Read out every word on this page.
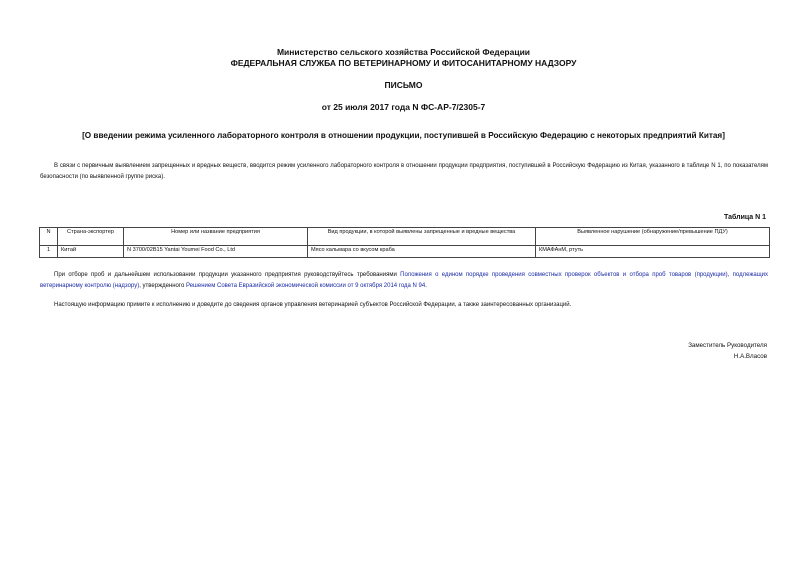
Министерство сельского хозяйства Российской Федерации
ФЕДЕРАЛЬНАЯ СЛУЖБА ПО ВЕТЕРИНАРНОМУ И ФИТОСАНИТАРНОМУ НАДЗОРУ
ПИСЬМО
от 25 июля 2017 года N ФС-АР-7/2305-7
[О введении режима усиленного лабораторного контроля в отношении продукции, поступившей в Российскую Федерацию с некоторых предприятий Китая]
В связи с первичным выявлением запрещенных и вредных веществ, вводится режим усиленного лабораторного контроля в отношении продукции предприятия, поступившей в Российскую Федерацию из Китая, указанного в таблице N 1, по показателям безопасности (по выявленной группе риска).
Таблица N 1
N	Страна-экспортер	Номер или название предприятия	Вид продукции, в которой выявлены запрещенные и вредные вещества	Выявленное нарушение (обнаружение/превышение ПДУ)
1	Китай	N 3700/02B15 Yantai Youmei Food Co., Ltd	Мясо кальмара со вкусом краба	КМАФАнМ, ртуть
При отборе проб и дальнейшем использовании продукции указанного предприятия руководствуйтесь требованиями Положения о едином порядке проведения совместных проверок объектов и отбора проб товаров (продукции), подлежащих ветеринарному контролю (надзору), утвержденного Решением Совета Евразийской экономической комиссии от 9 октября 2014 года N 94.
Настоящую информацию примите к исполнению и доведите до сведения органов управления ветеринарией субъектов Российской Федерации, а также заинтересованных организаций.
Заместитель Руководителя
Н.А.Власов
